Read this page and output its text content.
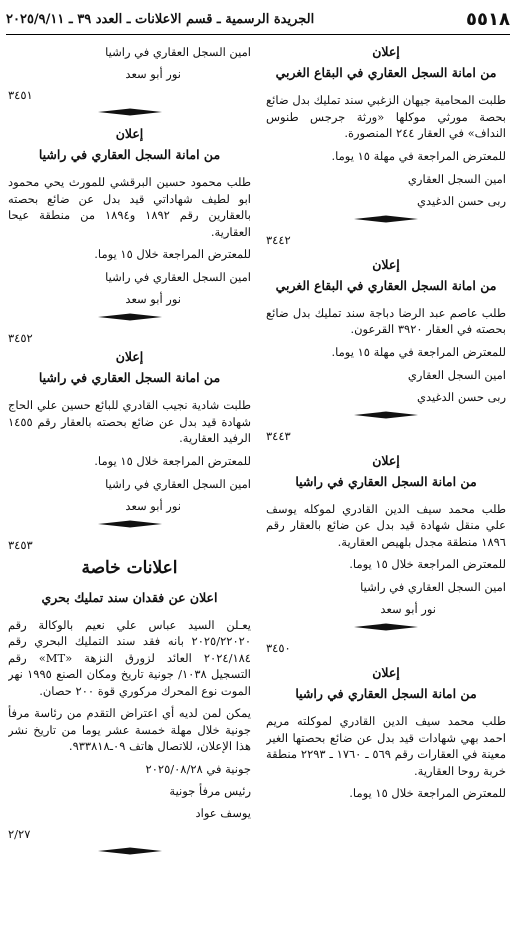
٥٥١٨
الجريدة الرسمية ـ قسم الاعلانات ـ العدد ٣٩ ـ ٢٠٢٥/٩/١١
إعلان
من امانة السجل العقاري في البقاع الغربي

طلبت المحامية جيهان الزغبي سند تمليك بدل ضائع بحصة مورثي موكلها «ورثة جرجس طنوس النداف» في العقار ٢٤٤ المنصورة.

للمعترض المراجعة في مهلة ١٥ يوما.

امين السجل العقاري

ربى حسن الدغيدي

٣٤٤٢
إعلان
من امانة السجل العقاري في البقاع الغربي

طلب عاصم عبد الرضا دباجة سند تمليك بدل ضائع بحصته في العقار ٣٩٢٠ القرعون.

للمعترض المراجعة في مهلة ١٥ يوما.

امين السجل العقاري

ربى حسن الدغيدي

٣٤٤٣
إعلان
من امانة السجل العقاري في راشيا

طلب محمد سيف الدين القادري لموكله يوسف علي منقل شهادة قيد بدل عن ضائع بالعقار رقم ١٨٩٦ منطقة مجدل بلهيص العقارية.

للمعترض المراجعة خلال ١٥ يوما.

امين السجل العقاري في راشيا

نور أبو سعد

٣٤٥٠
إعلان
من امانة السجل العقاري في راشيا

طلب محمد سيف الدين القادري لموكلته مريم احمد بهي شهادات قيد بدل عن ضائع بحصتها الغير معينة في العقارات رقم ٥٦٩ ـ ١٧٦٠ ـ ٢٢٩٣ منطقة خربة روحا العقارية.

للمعترض المراجعة خلال ١٥ يوما.

امين السجل العقاري في راشيا

نور أبو سعد

٣٤٥١
إعلان
من امانة السجل العقاري في راشيا

طلب محمود حسين البرقشي للمورث يحي محمود ابو لطيف شهاداتي قيد بدل عن ضائع بحصته بالعقارين رقم ١٨٩٢ و١٨٩٤ من منطقة عيحا العقارية.

للمعترض المراجعة خلال ١٥ يوما.

امين السجل العقاري في راشيا

نور أبو سعد

٣٤٥٢
إعلان
من امانة السجل العقاري في راشيا

طلبت شادية نجيب القادري للبائع حسين علي الحاج شهادة قيد بدل عن ضائع بحصته بالعقار رقم ١٤٥٥ الرفيد العقارية.

للمعترض المراجعة خلال ١٥ يوما.

امين السجل العقاري في راشيا

نور أبو سعد

٣٤٥٣
اعلانات خاصة
اعلان عن فقدان سند تمليك بحري

يعـلن السيد عباس علي نعيم بالوكالة رقم ٢٠٢٥/٢٢٠٢٠ بانه فقد سند التمليك البحري رقم ٢٠٢٤/١٨٤ العائد لزورق النزهة «MT» رقم التسجيل ١٠٣٨/ جونية تاريخ ومكان الصنع ١٩٩٥ نهر الموت نوع المحرك مركوري قوة ٢٠٠ حصان.

يمكن لمن لديه أي اعتراض التقدم من رئاسة مرفأ جونية خلال مهلة خمسة عشر يوما من تاريخ نشر هذا الإعلان، للاتصال هاتف ٠٩ـ٩٣٣٨١٨.

جونية في ٢٠٢٥/٠٨/٢٨

رئيس مرفأ جونية

يوسف عواد

٢/٢٧
